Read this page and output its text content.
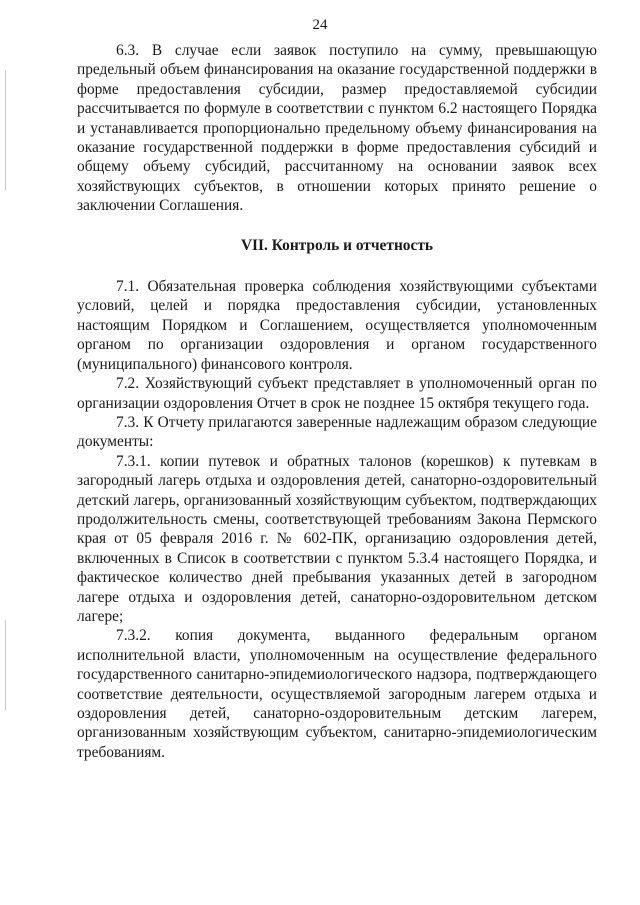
24

6.3. В случае если заявок поступило на сумму, превышающую предельный объем финансирования на оказание государственной поддержки в форме предоставления субсидии, размер предоставляемой субсидии рассчитывается по формуле в соответствии с пунктом 6.2 настоящего Порядка и устанавливается пропорционально предельному объему финансирования на оказание государственной поддержки в форме предоставления субсидий и общему объему субсидий, рассчитанному на основании заявок всех хозяйствующих субъектов, в отношении которых принято решение о заключении Соглашения.

VII. Контроль и отчетность

7.1. Обязательная проверка соблюдения хозяйствующими субъектами условий, целей и порядка предоставления субсидии, установленных настоящим Порядком и Соглашением, осуществляется уполномоченным органом по организации оздоровления и органом государственного (муниципального) финансового контроля.

7.2. Хозяйствующий субъект представляет в уполномоченный орган по организации оздоровления Отчет в срок не позднее 15 октября текущего года.

7.3. К Отчету прилагаются заверенные надлежащим образом следующие документы:

7.3.1. копии путевок и обратных талонов (корешков) к путевкам в загородный лагерь отдыха и оздоровления детей, санаторно-оздоровительный детский лагерь, организованный хозяйствующим субъектом, подтверждающих продолжительность смены, соответствующей требованиям Закона Пермского края от 05 февраля 2016 г. № 602-ПК, организацию оздоровления детей, включенных в Список в соответствии с пунктом 5.3.4 настоящего Порядка, и фактическое количество дней пребывания указанных детей в загородном лагере отдыха и оздоровления детей, санаторно-оздоровительном детском лагере;

7.3.2. копия документа, выданного федеральным органом исполнительной власти, уполномоченным на осуществление федерального государственного санитарно-эпидемиологического надзора, подтверждающего соответствие деятельности, осуществляемой загородным лагерем отдыха и оздоровления детей, санаторно-оздоровительным детским лагерем, организованным хозяйствующим субъектом, санитарно-эпидемиологическим требованиям.
